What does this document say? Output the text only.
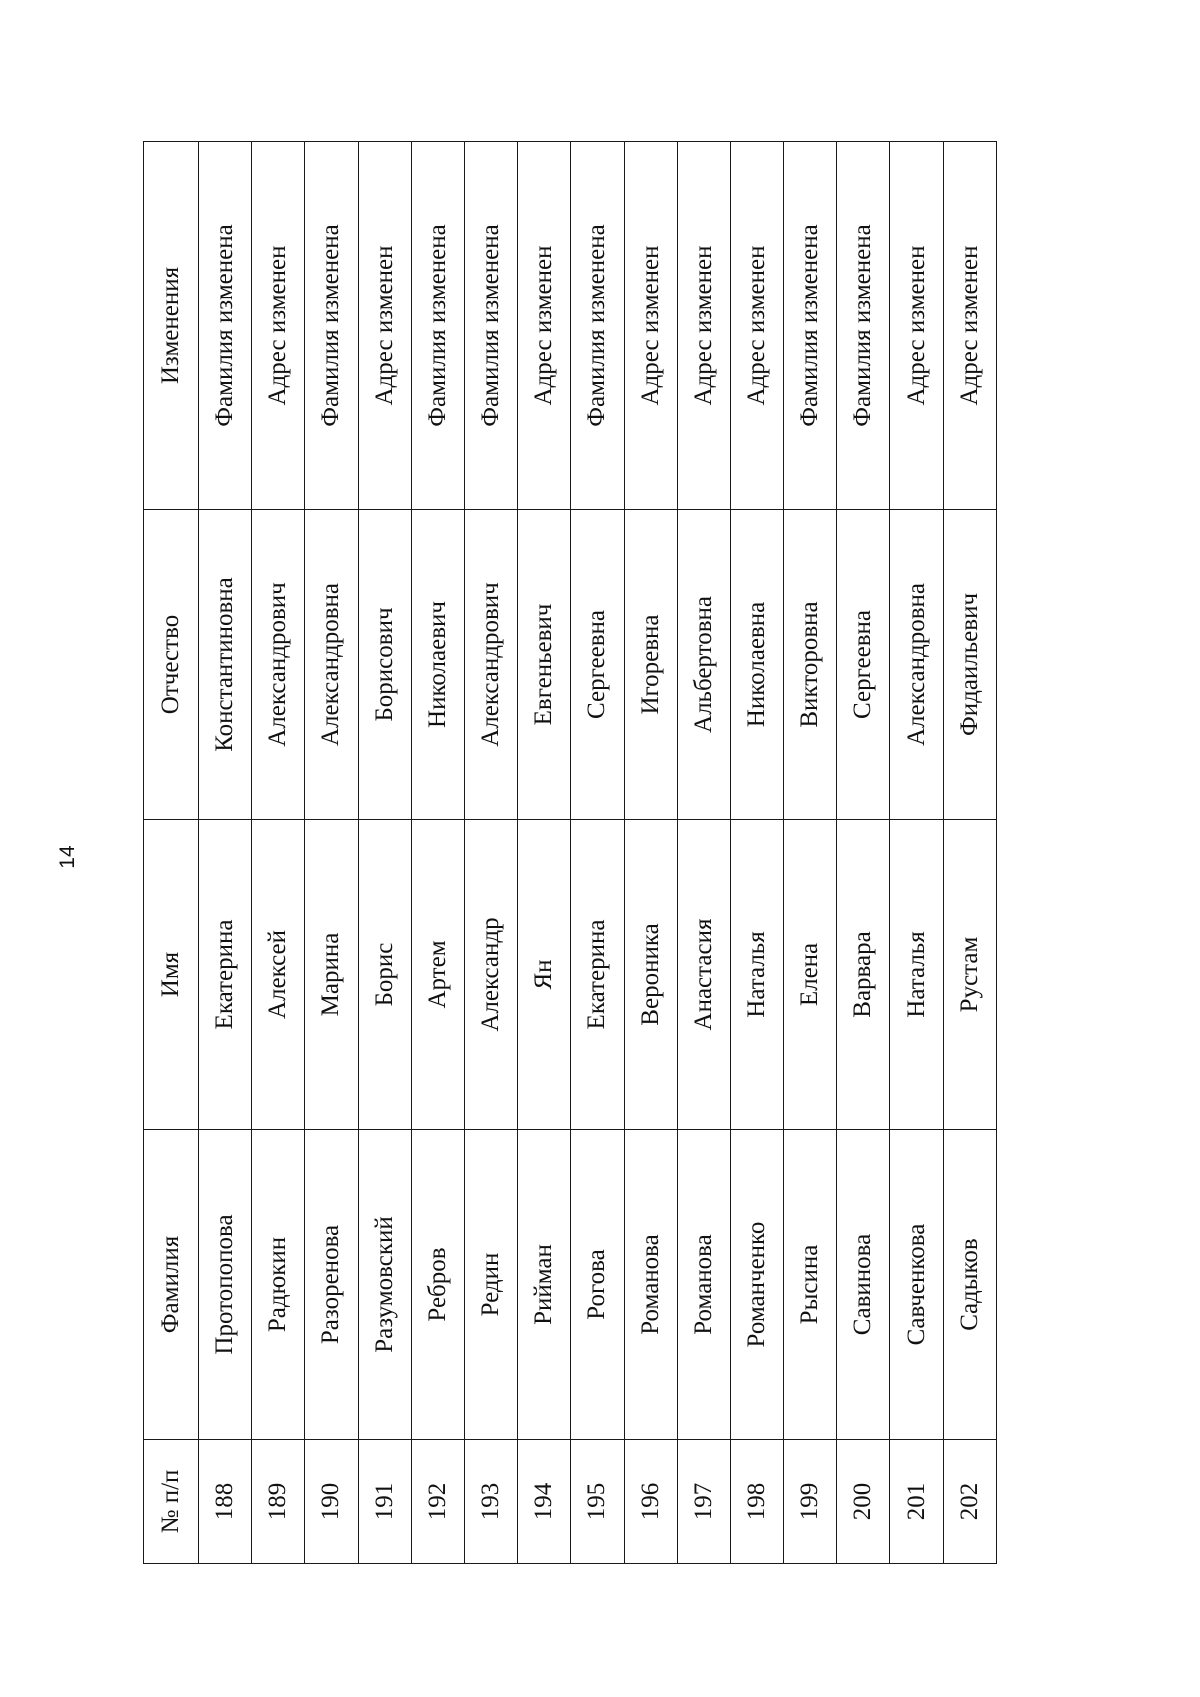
14
№ п/п	Фамилия	Имя	Отчество	Изменения
188	Протопопова	Екатерина	Константиновна	Фамилия изменена
189	Радюкин	Алексей	Александрович	Адрес изменен
190	Разоренова	Марина	Александровна	Фамилия изменена
191	Разумовский	Борис	Борисович	Адрес изменен
192	Ребров	Артем	Николаевич	Фамилия изменена
193	Редин	Александр	Александрович	Фамилия изменена
194	Рийман	Ян	Евгеньевич	Адрес изменен
195	Рогова	Екатерина	Сергеевна	Фамилия изменена
196	Романова	Вероника	Игоревна	Адрес изменен
197	Романова	Анастасия	Альбертовна	Адрес изменен
198	Романченко	Наталья	Николаевна	Адрес изменен
199	Рысина	Елена	Викторовна	Фамилия изменена
200	Савинова	Варвара	Сергеевна	Фамилия изменена
201	Савченкова	Наталья	Александровна	Адрес изменен
202	Садыков	Рустам	Фидаильевич	Адрес изменен
